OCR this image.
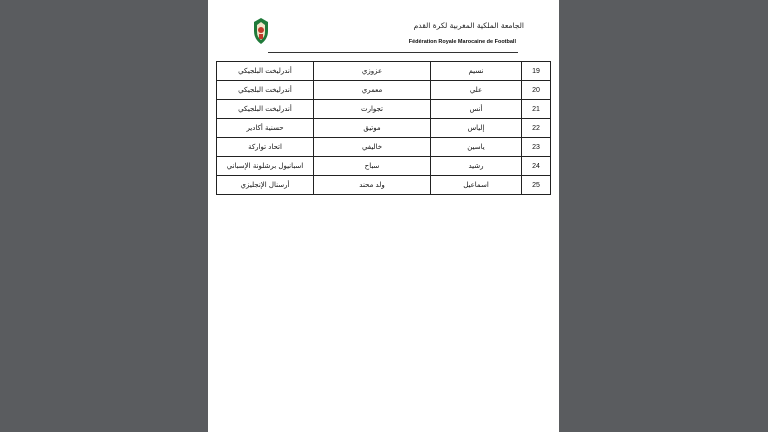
الجامعة الملكية المغربية لكرة القدم
Fédération Royale Marocaine de Football
أندرليخت البلجيكي	عزوزي	نسيم	19
أندرليخت البلجيكي	معمري	علي	20
أندرليخت البلجيكي	تجوارت	أنس	21
حسنية أكادير	موتيق	إلياس	22
اتحاد تواركة	خاليفي	ياسين	23
اسبانيول برشلونة الإسباني	سباح	رشيد	24
أرسنال الإنجليزي	ولد محند	اسماعيل	25
